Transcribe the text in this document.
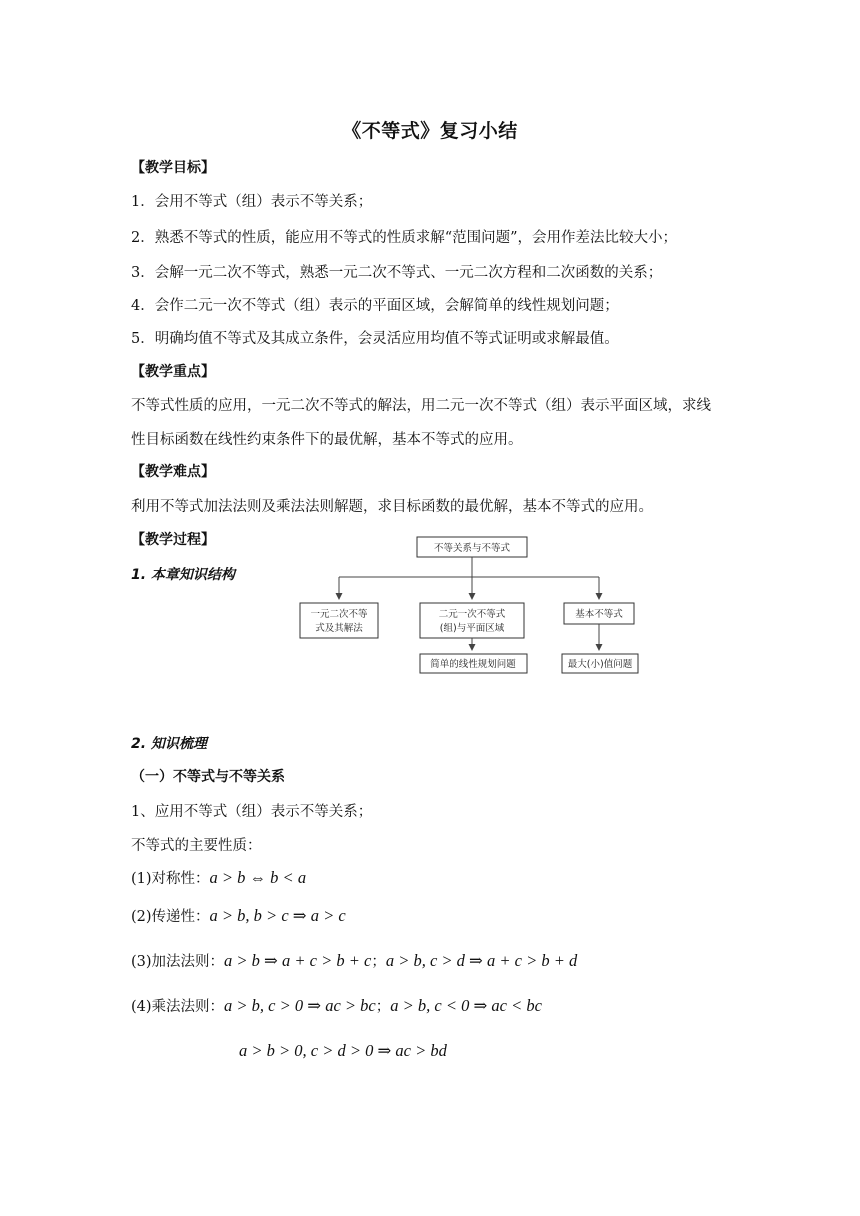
《不等式》复习小结
【教学目标】
1．会用不等式（组）表示不等关系；
2．熟悉不等式的性质，能应用不等式的性质求解“范围问题”，会用作差法比较大小；
3．会解一元二次不等式，熟悉一元二次不等式、一元二次方程和二次函数的关系；
4．会作二元一次不等式（组）表示的平面区域，会解简单的线性规划问题；
5．明确均值不等式及其成立条件，会灵活应用均值不等式证明或求解最值。
【教学重点】
不等式性质的应用，一元二次不等式的解法，用二元一次不等式（组）表示平面区域，求线
性目标函数在线性约束条件下的最优解，基本不等式的应用。
【教学难点】
利用不等式加法法则及乘法法则解题，求目标函数的最优解，基本不等式的应用。
【教学过程】
1. 本章知识结构
不等关系与不等式
一元二次不等
式及其解法
二元一次不等式
(组)与平面区域
基本不等式
简单的线性规划问题	最大(小)值问题
2. 知识梳理
（一）不等式与不等关系
1、应用不等式（组）表示不等关系；
不等式的主要性质：
(1)对称性：a > b ⇔ b < a
(2)传递性：a > b, b > c ⇒ a > c
(3)加法法则：a > b ⇒ a + c > b + c；a > b, c > d ⇒ a + c > b + d
(4)乘法法则：a > b, c > 0 ⇒ ac > bc；a > b, c < 0 ⇒ ac < bc
a > b > 0, c > d > 0 ⇒ ac > bd
